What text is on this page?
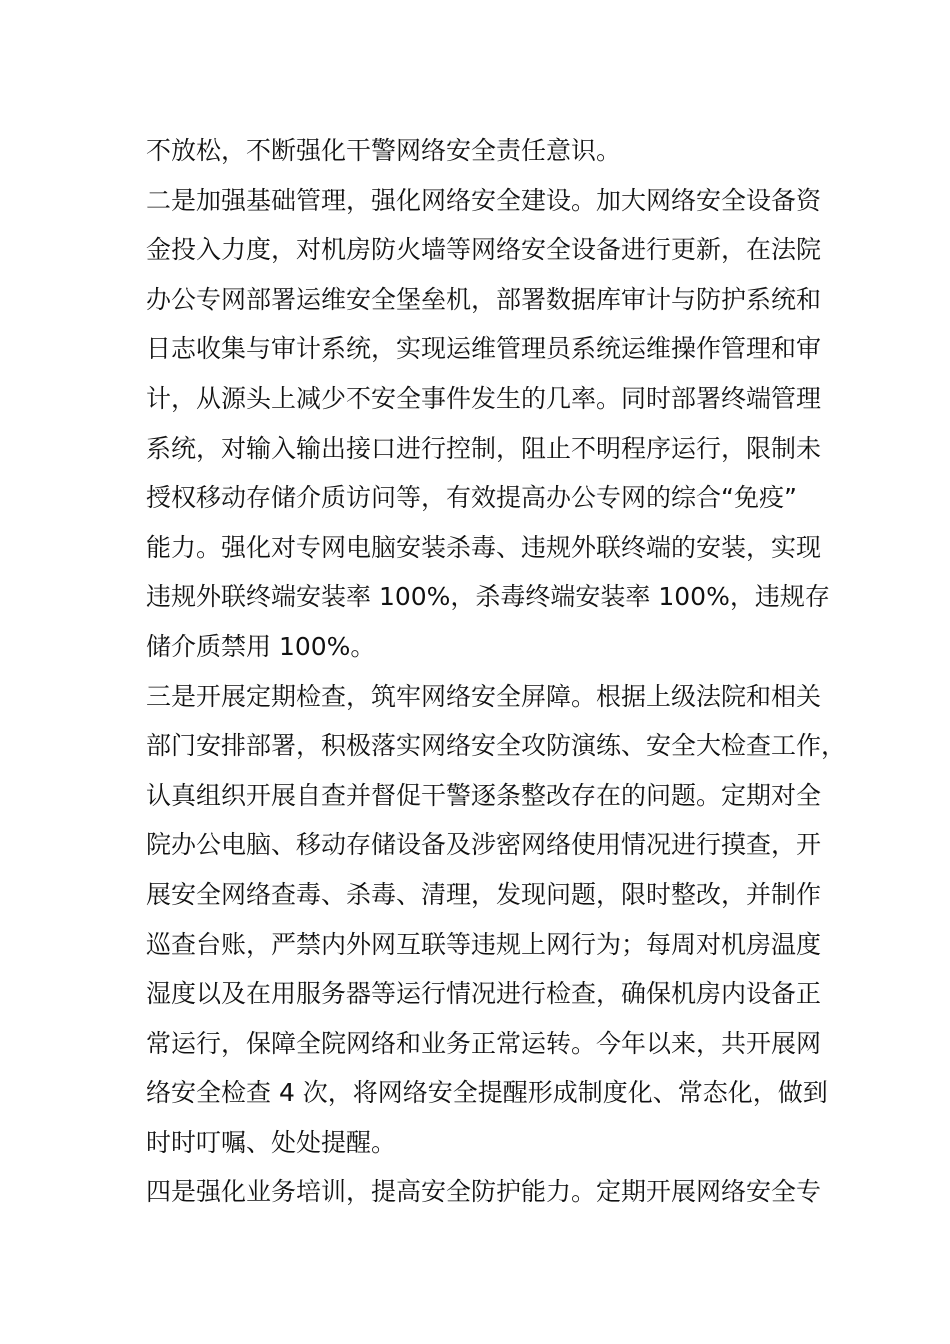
不放松，不断强化干警网络安全责任意识。
二是加强基础管理，强化网络安全建设。加大网络安全设备资
金投入力度，对机房防火墙等网络安全设备进行更新，在法院
办公专网部署运维安全堡垒机，部署数据库审计与防护系统和
日志收集与审计系统，实现运维管理员系统运维操作管理和审
计，从源头上减少不安全事件发生的几率。同时部署终端管理
系统，对输入输出接口进行控制，阻止不明程序运行，限制未
授权移动存储介质访问等，有效提高办公专网的综合“免疫”
能力。强化对专网电脑安装杀毒、违规外联终端的安装，实现
违规外联终端安装率 100%，杀毒终端安装率 100%，违规存
储介质禁用 100%。
三是开展定期检查，筑牢网络安全屏障。根据上级法院和相关
部门安排部署，积极落实网络安全攻防演练、安全大检查工作，
认真组织开展自查并督促干警逐条整改存在的问题。定期对全
院办公电脑、移动存储设备及涉密网络使用情况进行摸查，开
展安全网络查毒、杀毒、清理，发现问题，限时整改，并制作
巡查台账，严禁内外网互联等违规上网行为；每周对机房温度
湿度以及在用服务器等运行情况进行检查，确保机房内设备正
常运行，保障全院网络和业务正常运转。今年以来，共开展网
络安全检查 4 次，将网络安全提醒形成制度化、常态化，做到
时时叮嘱、处处提醒。
四是强化业务培训，提高安全防护能力。定期开展网络安全专
